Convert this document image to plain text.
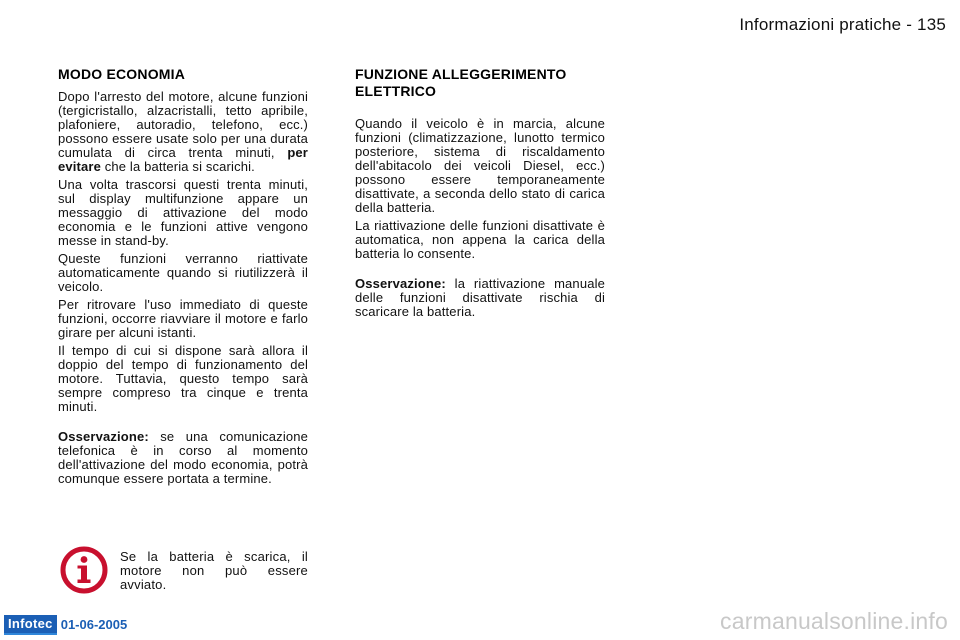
Informazioni pratiche - 135
MODO ECONOMIA

Dopo l'arresto del motore, alcune funzioni (tergicristallo, alzacristalli, tetto apribile, plafoniere, autoradio, telefono, ecc.) possono essere usate solo per una durata cumulata di circa trenta minuti, per evitare che la batteria si scarichi.

Una volta trascorsi questi trenta minuti, sul display multifunzione appare un messaggio di attivazione del modo economia e le funzioni attive vengono messe in stand-by.

Queste funzioni verranno riattivate automaticamente quando si riutilizzerà il veicolo.

Per ritrovare l'uso immediato di queste funzioni, occorre riavviare il motore e farlo girare per alcuni istanti.

Il tempo di cui si dispone sarà allora il doppio del tempo di funzionamento del motore. Tuttavia, questo tempo sarà sempre compreso tra cinque e trenta minuti.

Osservazione: se una comunicazione telefonica è in corso al momento dell'attivazione del modo economia, potrà comunque essere portata a termine.

Se la batteria è scarica, il motore non può essere avviato.
FUNZIONE ALLEGGERIMENTO ELETTRICO

Quando il veicolo è in marcia, alcune funzioni (climatizzazione, lunotto termico posteriore, sistema di riscaldamento dell'abitacolo dei veicoli Diesel, ecc.) possono essere temporaneamente disattivate, a seconda dello stato di carica della batteria.

La riattivazione delle funzioni disattivate è automatica, non appena la carica della batteria lo consente.

Osservazione: la riattivazione manuale delle funzioni disattivate rischia di scaricare la batteria.

Infotec 01-06-2005	carmanualsonline.info
